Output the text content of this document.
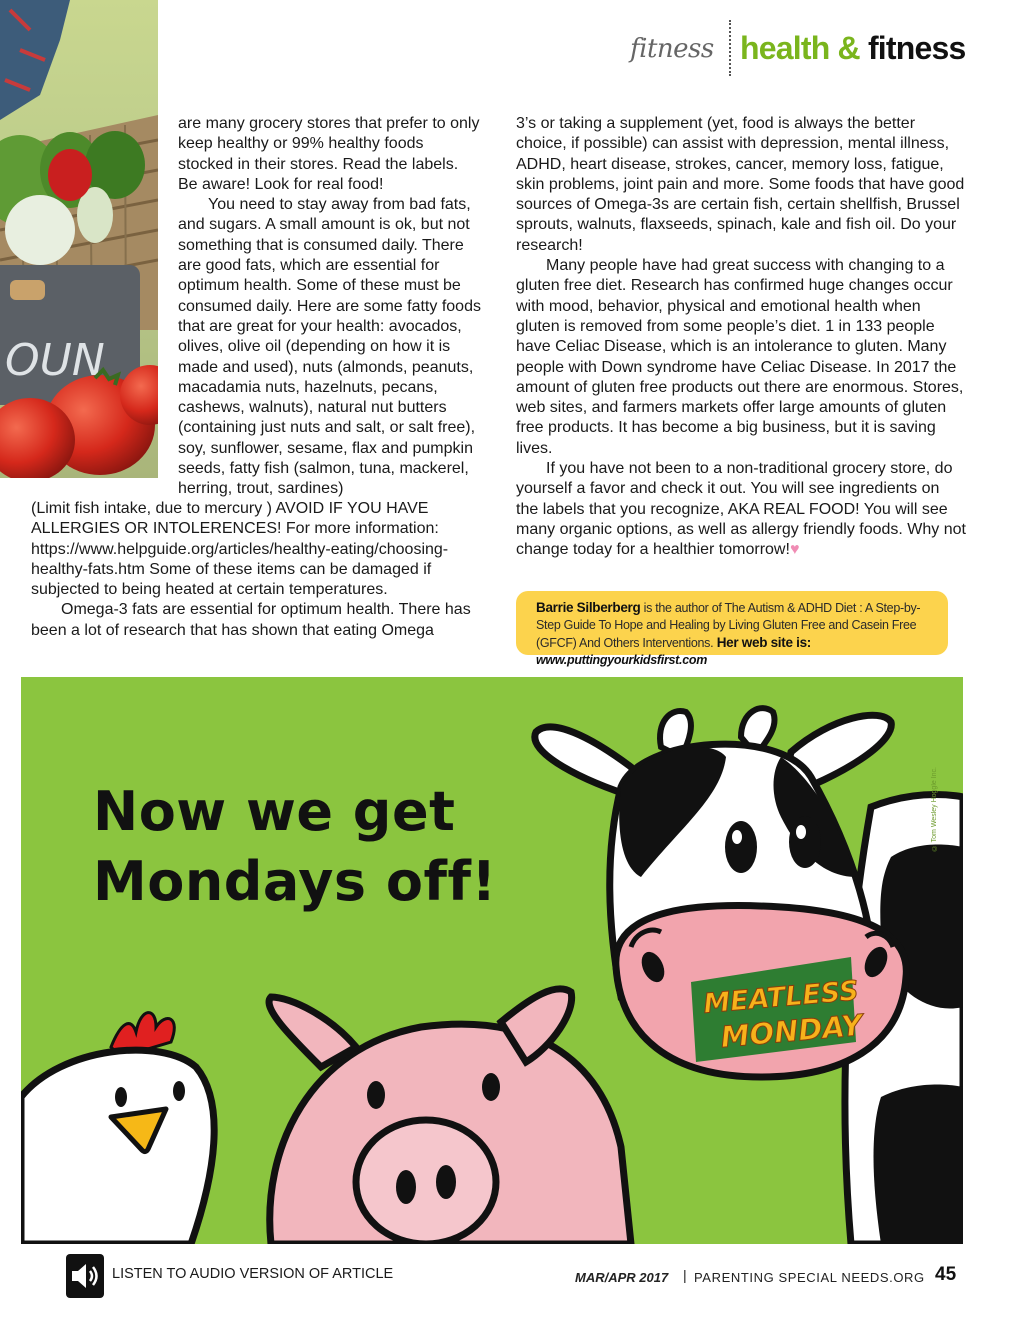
fitness health & fitness
OUN

are many grocery stores that prefer to only keep healthy or 99% healthy foods stocked in their stores. Read the labels. Be aware! Look for real food!

You need to stay away from bad fats, and sugars. A small amount is ok, but not something that is consumed daily. There are good fats, which are essential for optimum health. Some of these must be consumed daily. Here are some fatty foods that are great for your health: avocados, olives, olive oil (depending on how it is made and used), nuts (almonds, peanuts, macadamia nuts, hazelnuts, pecans, cashews, walnuts), natural nut butters (containing just nuts and salt, or salt free), soy, sunflower, sesame, flax and pumpkin seeds, fatty fish (salmon, tuna, mackerel, herring, trout, sardines)

(Limit fish intake, due to mercury ) AVOID IF YOU HAVE ALLERGIES OR INTOLERENCES! For more information: https://www.helpguide.org/articles/healthy-eating/choosing-healthy-fats.htm Some of these items can be damaged if subjected to being heated at certain temperatures.

Omega-3 fats are essential for optimum health. There has been a lot of research that has shown that eating Omega

3’s or taking a supplement (yet, food is always the better choice, if possible) can assist with depression, mental illness, ADHD, heart disease, strokes, cancer, memory loss, fatigue, skin problems, joint pain and more. Some foods that have good sources of Omega-3s are certain fish, certain shellfish, Brussel sprouts, walnuts, flaxseeds, spinach, kale and fish oil. Do your research!

Many people have had great success with changing to a gluten free diet. Research has confirmed huge changes occur with mood, behavior, physical and emotional health when gluten is removed from some people’s diet. 1 in 133 people have Celiac Disease, which is an intolerance to gluten. Many people with Down syndrome have Celiac Disease. In 2017 the amount of gluten free products out there are enormous. Stores, web sites, and farmers markets offer large amounts of gluten free products. It has become a big business, but it is saving lives.

If you have not been to a non-traditional grocery store, do yourself a favor and check it out. You will see ingredients on the labels that you recognize, AKA REAL FOOD! You will see many organic options, as well as allergy friendly foods. Why not change today for a healthier tomorrow!♥

Barrie Silberberg is the author of The Autism & ADHD Diet : A Step-by-Step Guide To Hope and Healing by Living Gluten Free and Casein Free (GFCF) And Others Interventions. Her web site is: www.puttingyourkidsfirst.com
MEATLESS
MONDAY
Now we get
Mondays off!
© Tom Wesley Hoggle Inc.
LISTEN TO AUDIO VERSION OF ARTICLE	MAR/APR 2017 | PARENTING SPECIAL NEEDS.ORG 45
